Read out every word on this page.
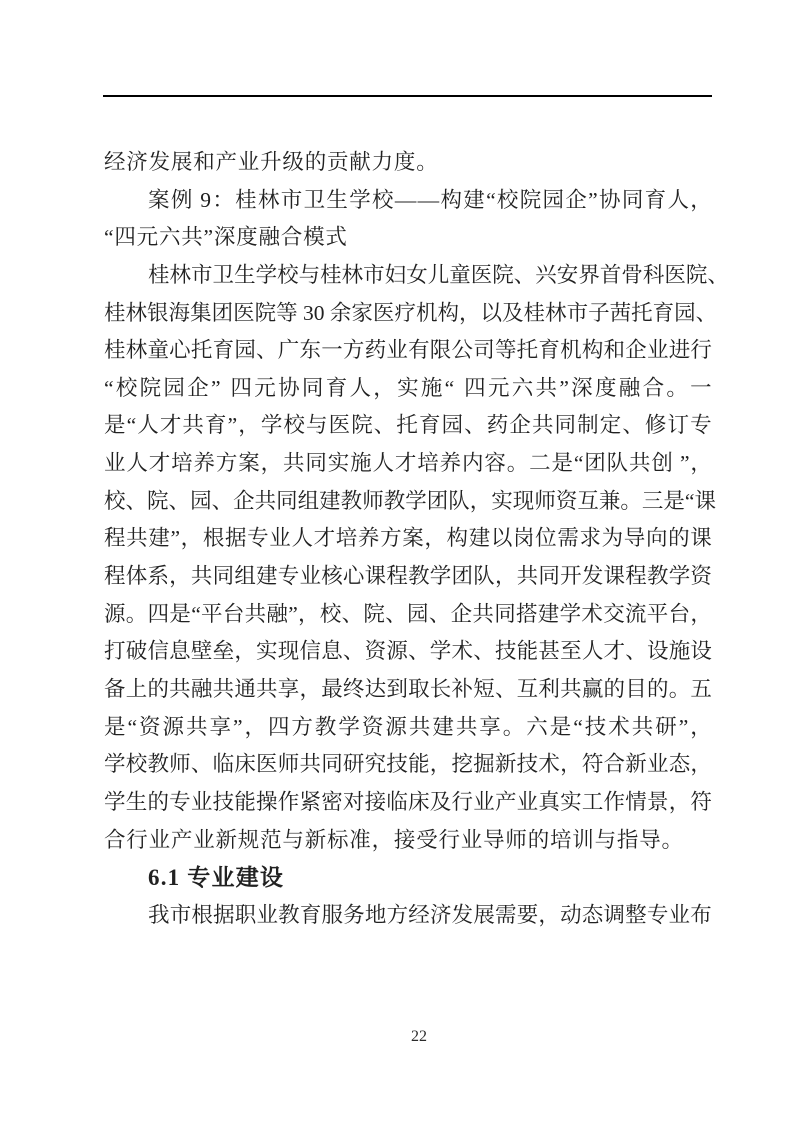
经济发展和产业升级的贡献力度。
案 例
9 ： 桂 林 市 卫 生 学 校 — — 构 建 “ 校 院 园 企 ” 协 同 育 人 ，
“四元六共”深度融合模式
桂 林 市 卫 生 学 校 与 桂 林 市 妇 女 儿 童 医 院 、 兴 安 界 首 骨 科 医 院 、
桂 林 银 海 集 团 医 院 等
3 0
余 家 医 疗 机 构 ， 以 及 桂 林 市 子 茜 托 育 园 、
桂 林 童 心 托 育 园 、 广 东 一 方 药 业 有 限 公 司 等 托 育 机 构 和 企 业 进 行
“ 校 院 园 企 ”
四 元 协 同 育 人 ， 实 施 “
四 元 六 共 ” 深 度 融 合 。 一
是 “ 人 才 共 育 ” ， 学 校 与 医 院 、 托 育 园 、 药 企 共 同 制 定 、 修 订 专
业 人 才 培 养 方 案 ， 共 同 实 施 人 才 培 养 内 容 。 二 是 “ 团 队 共 创
” ，
校 、 院 、 园 、 企 共 同 组 建 教 师 教 学 团 队 ， 实 现 师 资 互 兼 。 三 是 “ 课
程 共 建 ” ， 根 据 专 业 人 才 培 养 方 案 ， 构 建 以 岗 位 需 求 为 导 向 的 课
程 体 系 ， 共 同 组 建 专 业 核 心 课 程 教 学 团 队 ， 共 同 开 发 课 程 教 学 资
源 。 四 是 “ 平 台 共 融 ” ， 校 、 院 、 园 、 企 共 同 搭 建 学 术 交 流 平 台 ，
打 破 信 息 壁 垒 ， 实 现 信 息 、 资 源 、 学 术 、 技 能 甚 至 人 才 、 设 施 设
备 上 的 共 融 共 通 共 享 ， 最 终 达 到 取 长 补 短 、 互 利 共 赢 的 目 的 。 五
是 “ 资 源 共 享 ” ， 四 方 教 学 资 源 共 建 共 享 。 六 是 “ 技 术 共 研 ” ，
学 校 教 师 、 临 床 医 师 共 同 研 究 技 能 ， 挖 掘 新 技 术 ， 符 合 新 业 态 ，
学 生 的 专 业 技 能 操 作 紧 密 对 接 临 床 及 行 业 产 业 真 实 工 作 情 景 ， 符
合行业产业新规范与新标准，接受行业导师的培训与指导。
6.1 专业建设
我 市 根 据 职 业 教 育 服 务 地 方 经 济 发 展 需 要 ， 动 态 调 整 专 业 布
22
